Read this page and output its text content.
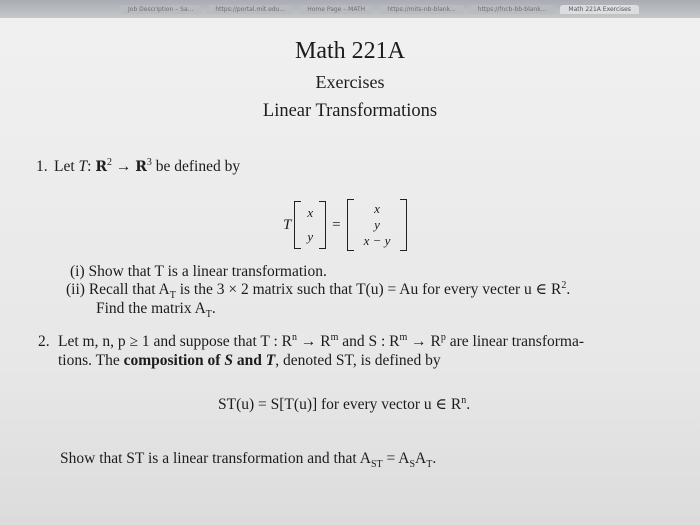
Job Description – Sa...	https://portal.mit.edu...	Home Page – MATH	https://mits-nb-blank...	https://fncb-bb-blank...	Math 221A Exercises
Math 221A
Exercises
Linear Transformations
1. Let T: $R^2 \to R^3$ be defined by
T
x
y
=
x
y
x − y
(i) Show that T is a linear transformation.
(ii) Recall that $A_T$ is the 3 × 2 matrix such that T(u) = Au for every vecter u ∈ $R^2$.
Find the matrix $A_T$.
2. Let m, n, p ≥ 1 and suppose that T : $R^n \to R^m$ and S : $R^m \to R^p$ are linear transforma-
tions. The composition of S and T, denoted ST, is defined by
ST(u) = S[T(u)] for every vector u ∈ $R^n$.
Show that ST is a linear transformation and that $A_{ST} = A_SA_T$.
